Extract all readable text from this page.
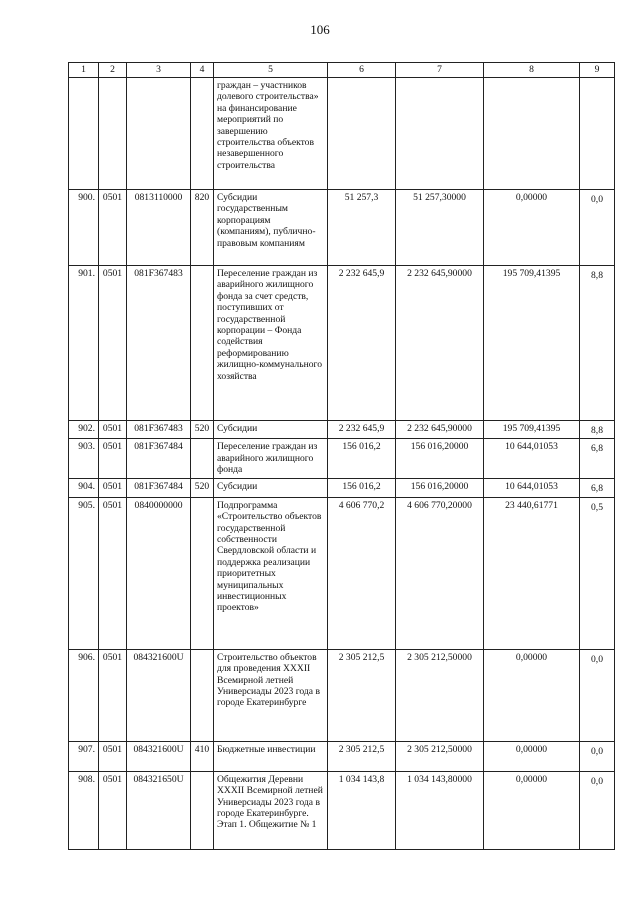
106
1	2	3	4	5	6	7	8	9
				граждан – участников долевого строительства» на финансирование мероприятий по завершению строительства объектов незавершенного строительства				
900.	0501	0813110000	820	Субсидии государственным корпорациям (компаниям), публично-правовым компаниям	51 257,3	51 257,30000	0,00000	0,0
901.	0501	081F367483		Переселение граждан из аварийного жилищного фонда за счет средств, поступивших от государственной корпорации – Фонда содействия реформированию жилищно-коммунального хозяйства	2 232 645,9	2 232 645,90000	195 709,41395	8,8
902.	0501	081F367483	520	Субсидии	2 232 645,9	2 232 645,90000	195 709,41395	8,8
903.	0501	081F367484		Переселение граждан из аварийного жилищного фонда	156 016,2	156 016,20000	10 644,01053	6,8
904.	0501	081F367484	520	Субсидии	156 016,2	156 016,20000	10 644,01053	6,8
905.	0501	0840000000		Подпрограмма «Строительство объектов государственной собственности Свердловской области и поддержка реализации приоритетных муниципальных инвестиционных проектов»	4 606 770,2	4 606 770,20000	23 440,61771	0,5
906.	0501	084321600U		Строительство объектов для проведения XXXII Всемирной летней Универсиады 2023 года в городе Екатеринбурге	2 305 212,5	2 305 212,50000	0,00000	0,0
907.	0501	084321600U	410	Бюджетные инвестиции	2 305 212,5	2 305 212,50000	0,00000	0,0
908.	0501	084321650U		Общежития Деревни XXXII Всемирной летней Универсиады 2023 года в городе Екатеринбурге. Этап 1. Общежитие № 1	1 034 143,8	1 034 143,80000	0,00000	0,0
